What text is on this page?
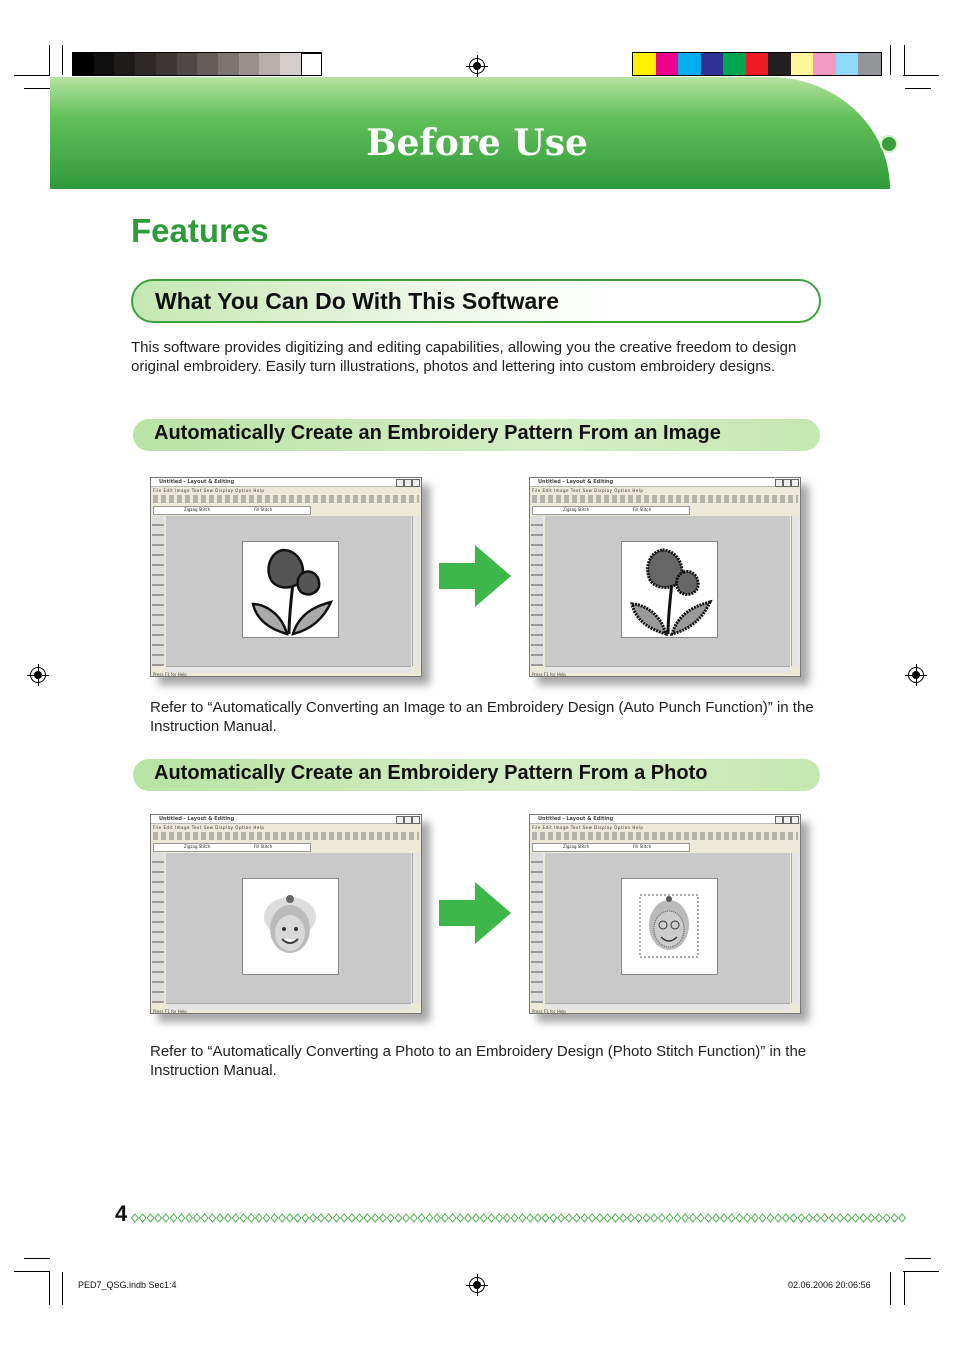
Before Use
Features
What You Can Do With This Software
This software provides digitizing and editing capabilities, allowing you the creative freedom to design original embroidery. Easily turn illustrations, photos and lettering into custom embroidery designs.
Automatically Create an Embroidery Pattern From an Image
Untitled - Layout & Editing
File Edit Image Text Sew Display Option Help
Zigzag Stitch	Fill Stitch
Press F1 for Help
Untitled - Layout & Editing
File Edit Image Text Sew Display Option Help
Zigzag Stitch	Fill Stitch
Press F1 for Help
Refer to “Automatically Converting an Image to an Embroidery Design (Auto Punch Function)” in the Instruction Manual.
Automatically Create an Embroidery Pattern From a Photo
Untitled - Layout & Editing
File Edit Image Text Sew Display Option Help
Zigzag Stitch	Fill Stitch
Press F1 for Help
Untitled - Layout & Editing
File Edit Image Text Sew Display Option Help
Zigzag Stitch	Fill Stitch
Press F1 for Help
Refer to “Automatically Converting a Photo to an Embroidery Design (Photo Stitch Function)” in the Instruction Manual.
4
PED7_QSG.indb Sec1:4	02.06.2006 20:06:56
